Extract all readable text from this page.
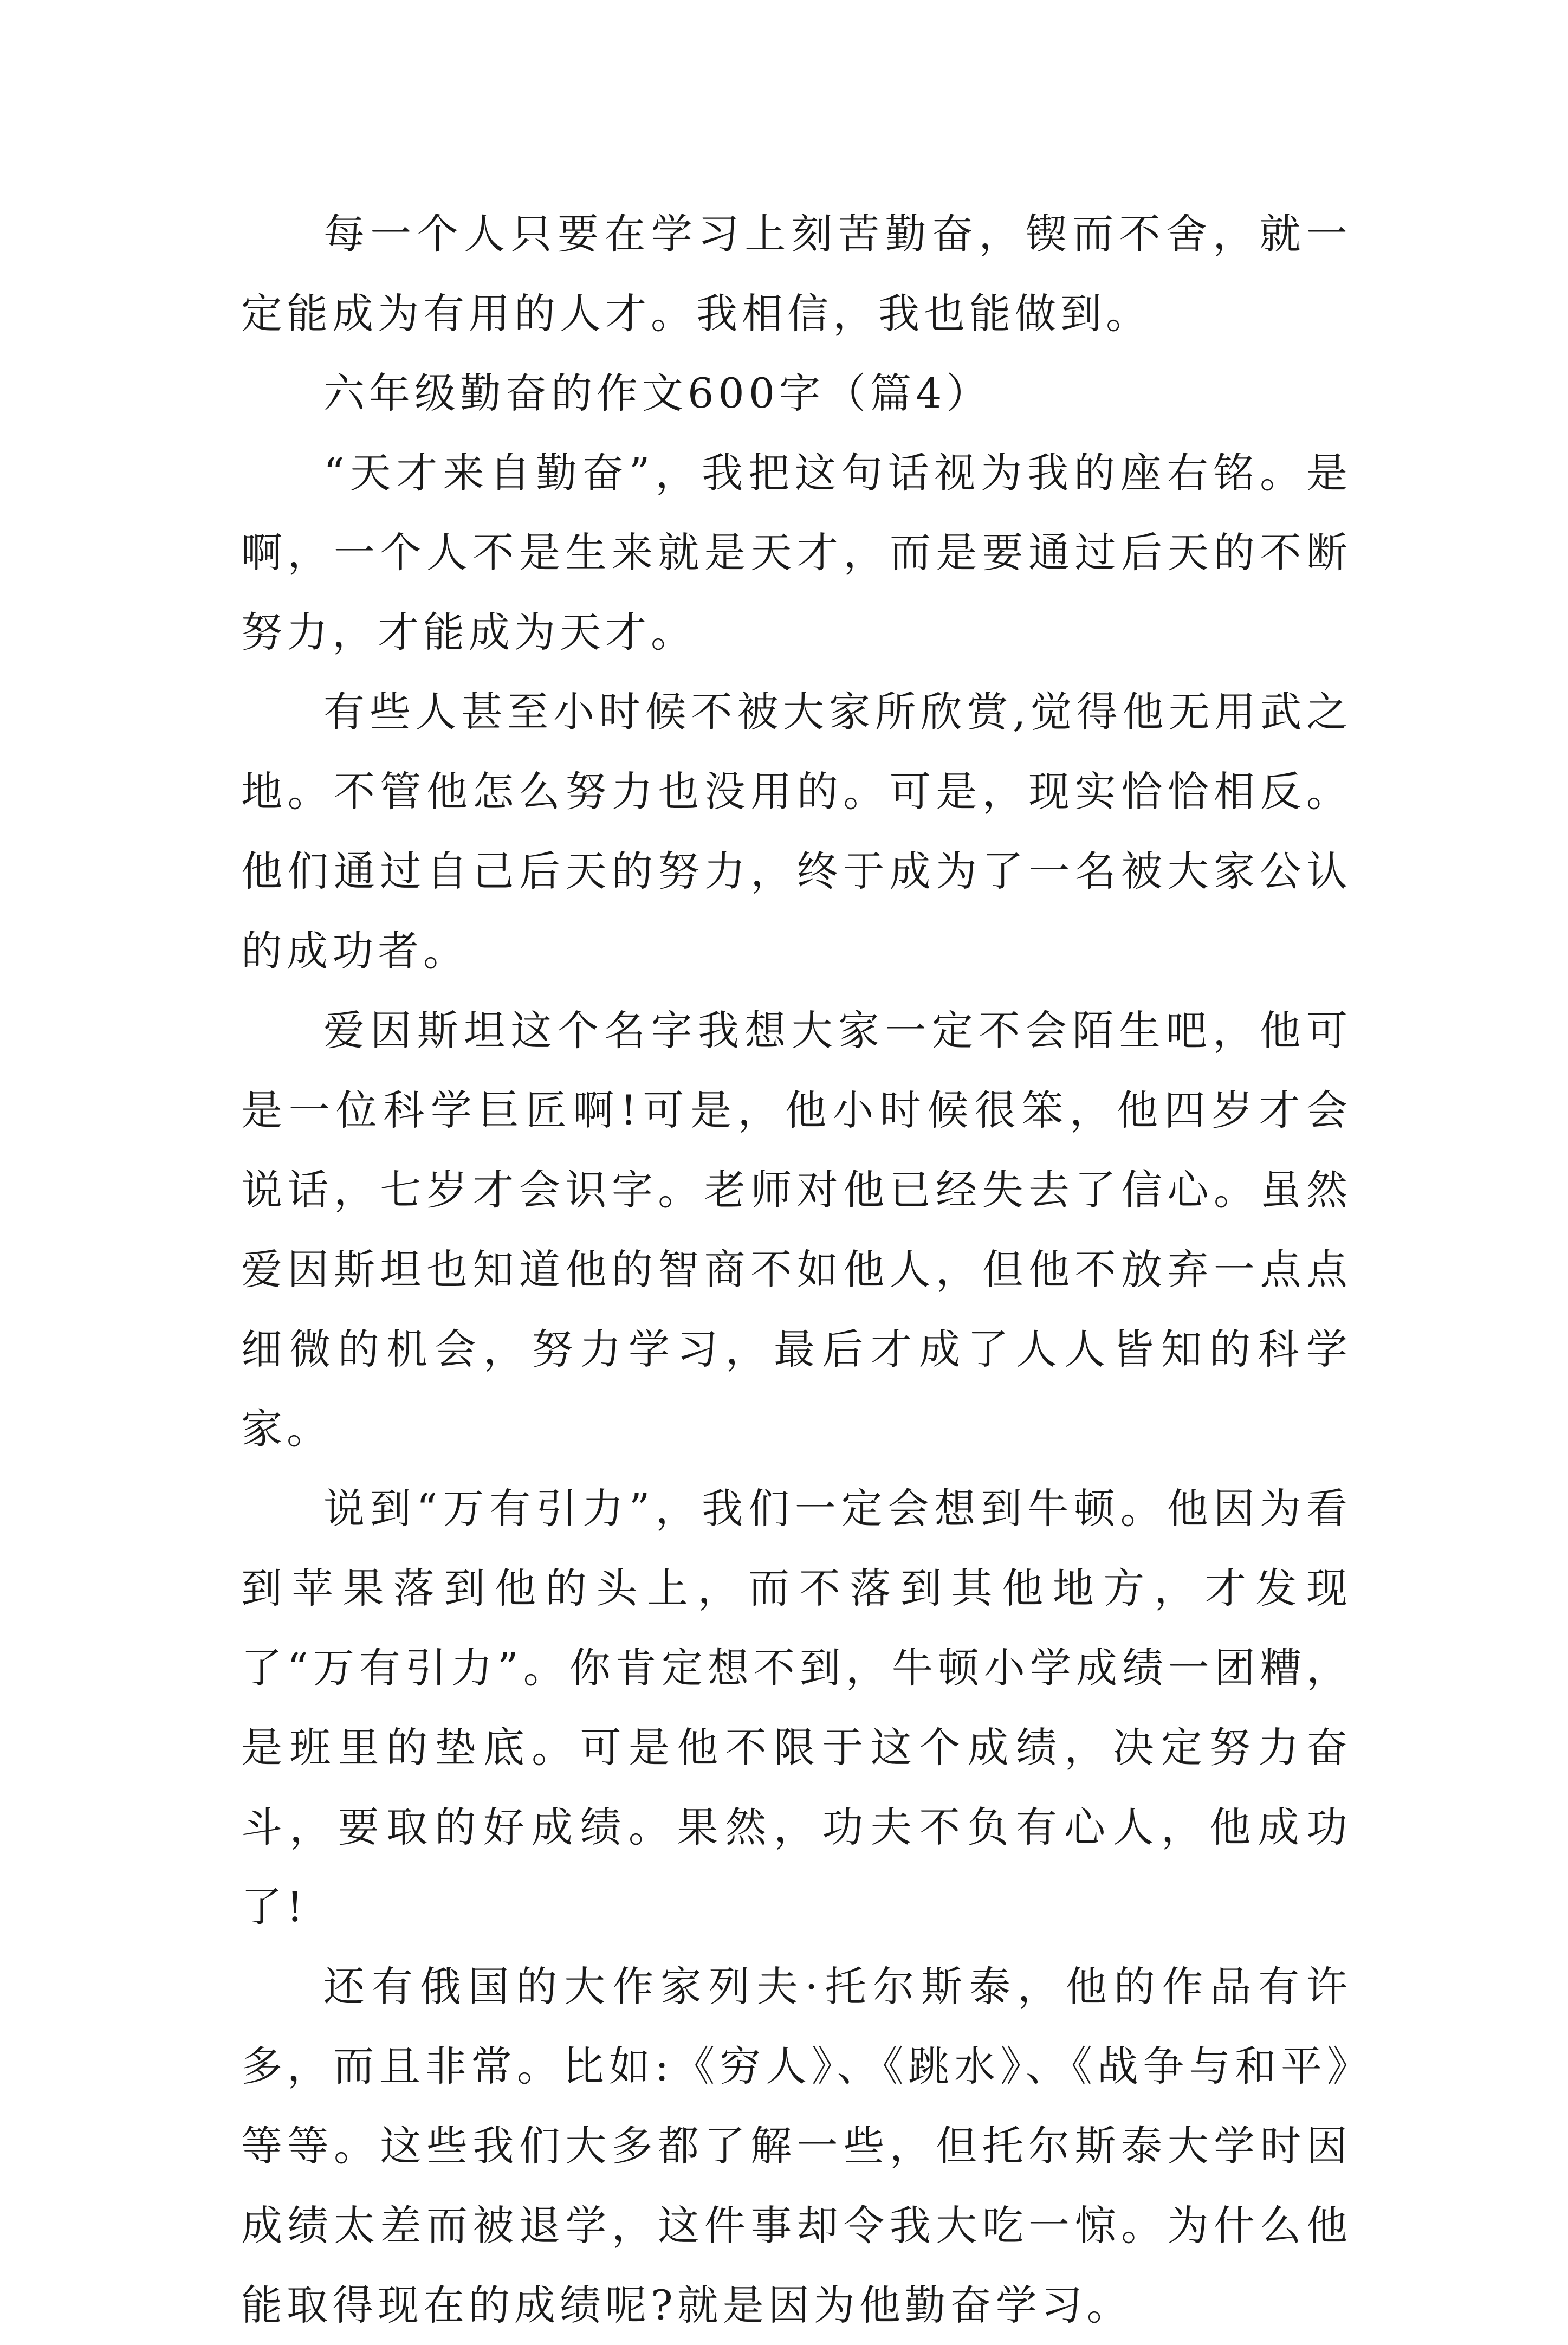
每一个人只要在学习上刻苦勤奋，锲而不舍，就一定能成为有用的人才。我相信，我也能做到。

六年级勤奋的作文600字（篇4）

“天才来自勤奋”，我把这句话视为我的座右铭。是啊，一个人不是生来就是天才，而是要通过后天的不断努力，才能成为天才。

有些人甚至小时候不被大家所欣赏,觉得他无用武之地。不管他怎么努力也没用的。可是，现实恰恰相反。他们通过自己后天的努力，终于成为了一名被大家公认的成功者。

爱因斯坦这个名字我想大家一定不会陌生吧，他可是一位科学巨匠啊!可是，他小时候很笨，他四岁才会说话，七岁才会识字。老师对他已经失去了信心。虽然爱因斯坦也知道他的智商不如他人，但他不放弃一点点细微的机会，努力学习，最后才成了人人皆知的科学家。

说到“万有引力”，我们一定会想到牛顿。他因为看到苹果落到他的头上，而不落到其他地方，才发现了“万有引力”。你肯定想不到，牛顿小学成绩一团糟，是班里的垫底。可是他不限于这个成绩，决定努力奋斗，要取的好成绩。果然，功夫不负有心人，他成功了!

还有俄国的大作家列夫·托尔斯泰，他的作品有许多，而且非常。比如:《穷人》、《跳水》、《战争与和平》等等。这些我们大多都了解一些，但托尔斯泰大学时因成绩太差而被退学，这件事却令我大吃一惊。为什么他能取得现在的成绩呢?就是因为他勤奋学习。
